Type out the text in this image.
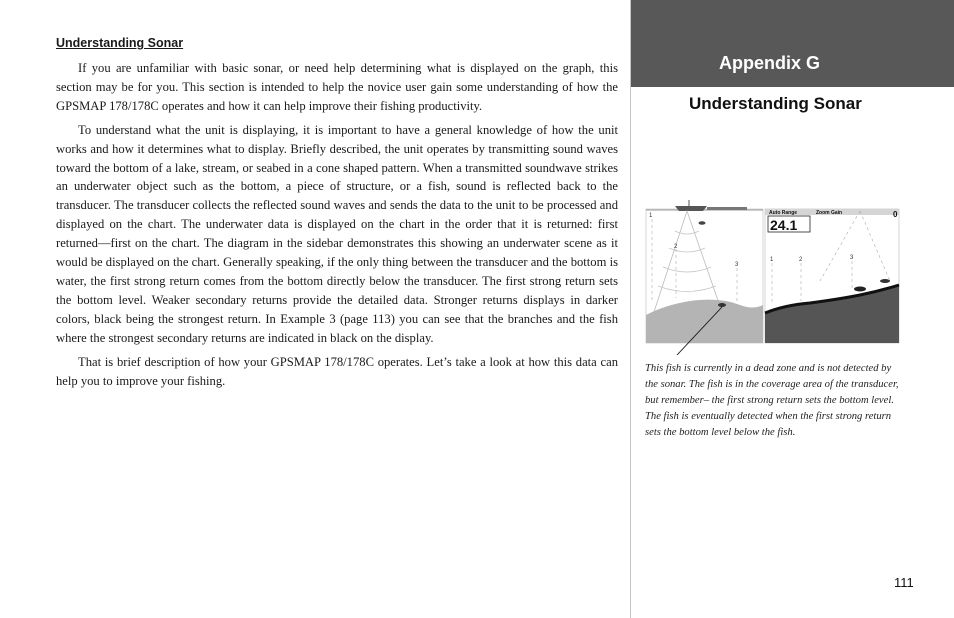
Understanding Sonar

If you are unfamiliar with basic sonar, or need help determining what is displayed on the graph, this section may be for you. This section is intended to help the novice user gain some understanding of how the GPSMAP 178/178C operates and how it can help improve their fishing productivity.

To understand what the unit is displaying, it is important to have a general knowledge of how the unit works and how it determines what to display. Briefly described, the unit operates by transmitting sound waves toward the bottom of a lake, stream, or seabed in a cone shaped pattern. When a transmitted soundwave strikes an underwater object such as the bottom, a piece of structure, or a fish, sound is reflected back to the transducer. The transducer collects the reflected sound waves and sends the data to the unit to be processed and displayed on the chart. The underwater data is displayed on the chart in the order that it is returned: first returned—first on the chart. The diagram in the sidebar demonstrates this showing an underwater scene as it would be displayed on the chart. Generally speaking, if the only thing between the transducer and the bottom is water, the first strong return comes from the bottom directly below the transducer. The first strong return sets the bottom level. Weaker secondary returns provide the detailed data. Stronger returns displays in darker colors, black being the strongest return. In Example 3 (page 113) you can see that the branches and the fish where the strongest secondary returns are indicated in black on the display.

That is brief description of how your GPSMAP 178/178C operates. Let’s take a look at how this data can help you to improve your fishing.

Appendix G
Understanding Sonar
1
2
3
Auto Range	Zoom Gain
24.1
0
1	2	3
This fish is currently in a dead zone and is not detected by the sonar. The fish is in the coverage area of the transducer, but remember– the first strong return sets the bottom level. The fish is eventually detected when the first strong return sets the bottom level below the fish.
111
